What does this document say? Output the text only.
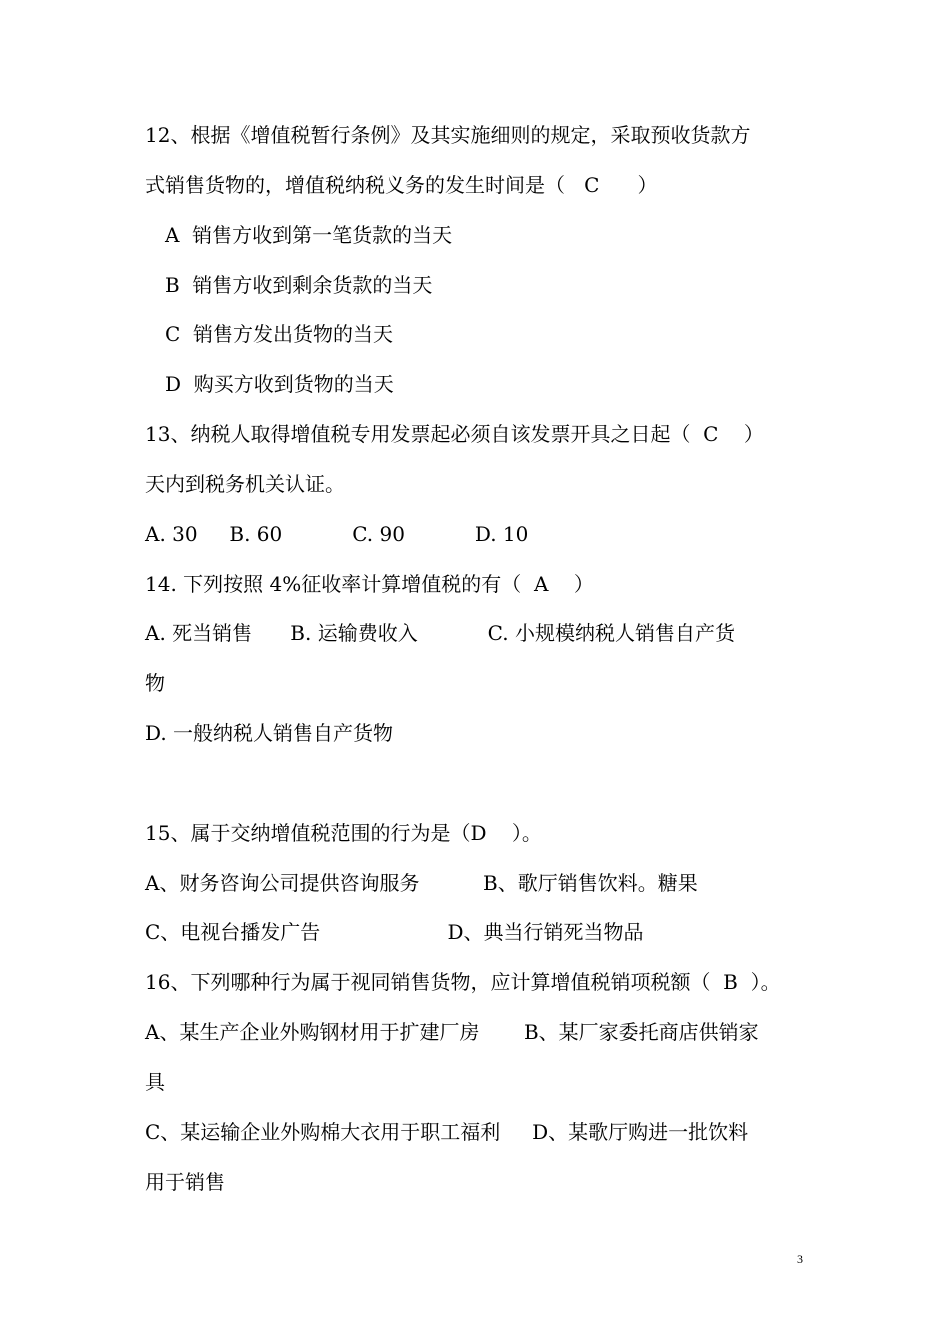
12、根据《增值税暂行条例》及其实施细则的规定，采取预收货款方
式销售货物的，增值税纳税义务的发生时间是（   C      ）
A  销售方收到第一笔货款的当天
B  销售方收到剩余货款的当天
C  销售方发出货物的当天
D  购买方收到货物的当天
13、纳税人取得增值税专用发票起必须自该发票开具之日起（  C    ）
天内到税务机关认证。
A. 30     B. 60           C. 90           D. 10
14. 下列按照 4%征收率计算增值税的有（  A    ）
A. 死当销售      B. 运输费收入           C. 小规模纳税人销售自产货
物
D. 一般纳税人销售自产货物
15、属于交纳增值税范围的行为是（D    ）。
A、财务咨询公司提供咨询服务          B、歌厅销售饮料。糖果
C、电视台播发广告                    D、典当行销死当物品
16、下列哪种行为属于视同销售货物，应计算增值税销项税额（  B  ）。
A、某生产企业外购钢材用于扩建厂房       B、某厂家委托商店供销家
具
C、某运输企业外购棉大衣用于职工福利     D、某歌厅购进一批饮料
用于销售
3
